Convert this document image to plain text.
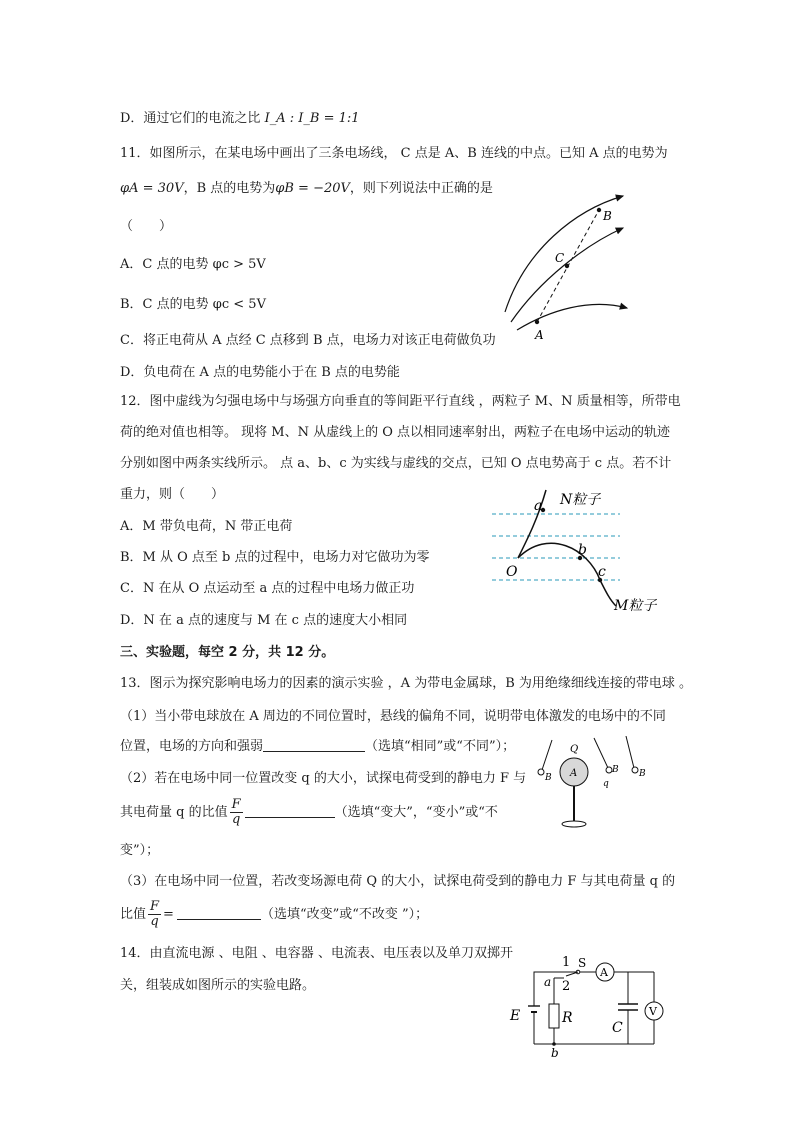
D．通过它们的电流之比 I_A : I_B = 1:1
11．如图所示，在某电场中画出了三条电场线， C 点是 A、B 连线的中点。已知 A 点的电势为
φA = 30V，B 点的电势为φB = −20V，则下列说法中正确的是
（　　）
A．C 点的电势 φc > 5V
B．C 点的电势 φc < 5V
C．将正电荷从 A 点经 C 点移到 B 点，电场力对该正电荷做负功
D．负电荷在 A 点的电势能小于在 B 点的电势能
A
C
B
12．图中虚线为匀强电场中与场强方向垂直的等间距平行直线 ，两粒子 M、N 质量相等，所带电
荷的绝对值也相等。 现将 M、N 从虚线上的 O 点以相同速率射出，两粒子在电场中运动的轨迹
分别如图中两条实线所示。 点 a、b、c 为实线与虚线的交点，已知 O 点电势高于 c 点。若不计
重力，则（　　）
A．M 带负电荷，N 带正电荷
B．M 从 O 点至 b 点的过程中，电场力对它做功为零
C．N 在从 O 点运动至 a 点的过程中电场力做正功
D．N 在 a 点的速度与 M 在 c 点的速度大小相同
a N粒子
b
O	c
M粒子
三、实验题，每空 2 分，共 12 分。
13．图示为探究影响电场力的因素的演示实验 ，A 为带电金属球，B 为用绝缘细线连接的带电球 。
（1）当小带电球放在 A 周边的不同位置时，悬线的偏角不同，说明带电体激发的电场中的不同
位置，电场的方向和强弱	（选填“相同”或“不同”）；
（2）若在电场中同一位置改变 q 的大小，试探电荷受到的静电力 F 与
其电荷量 q 的比值 $\frac{F}{q}$	（选填“变大”，“变小”或“不
变”）；
（3）在电场中同一位置，若改变场源电荷 Q 的大小，试探电荷受到的静电力 F 与其电荷量 q 的
比值 $\frac{F}{q}$ =	（选填“改变”或“不改变 ”）；
B
Q
A	B
q
B
14．由直流电源 、电阻 、电容器 、电流表、电压表以及单刀双掷开
关，组装成如图所示的实验电路。
1 S
A
V
C
E
2
a
R
b
